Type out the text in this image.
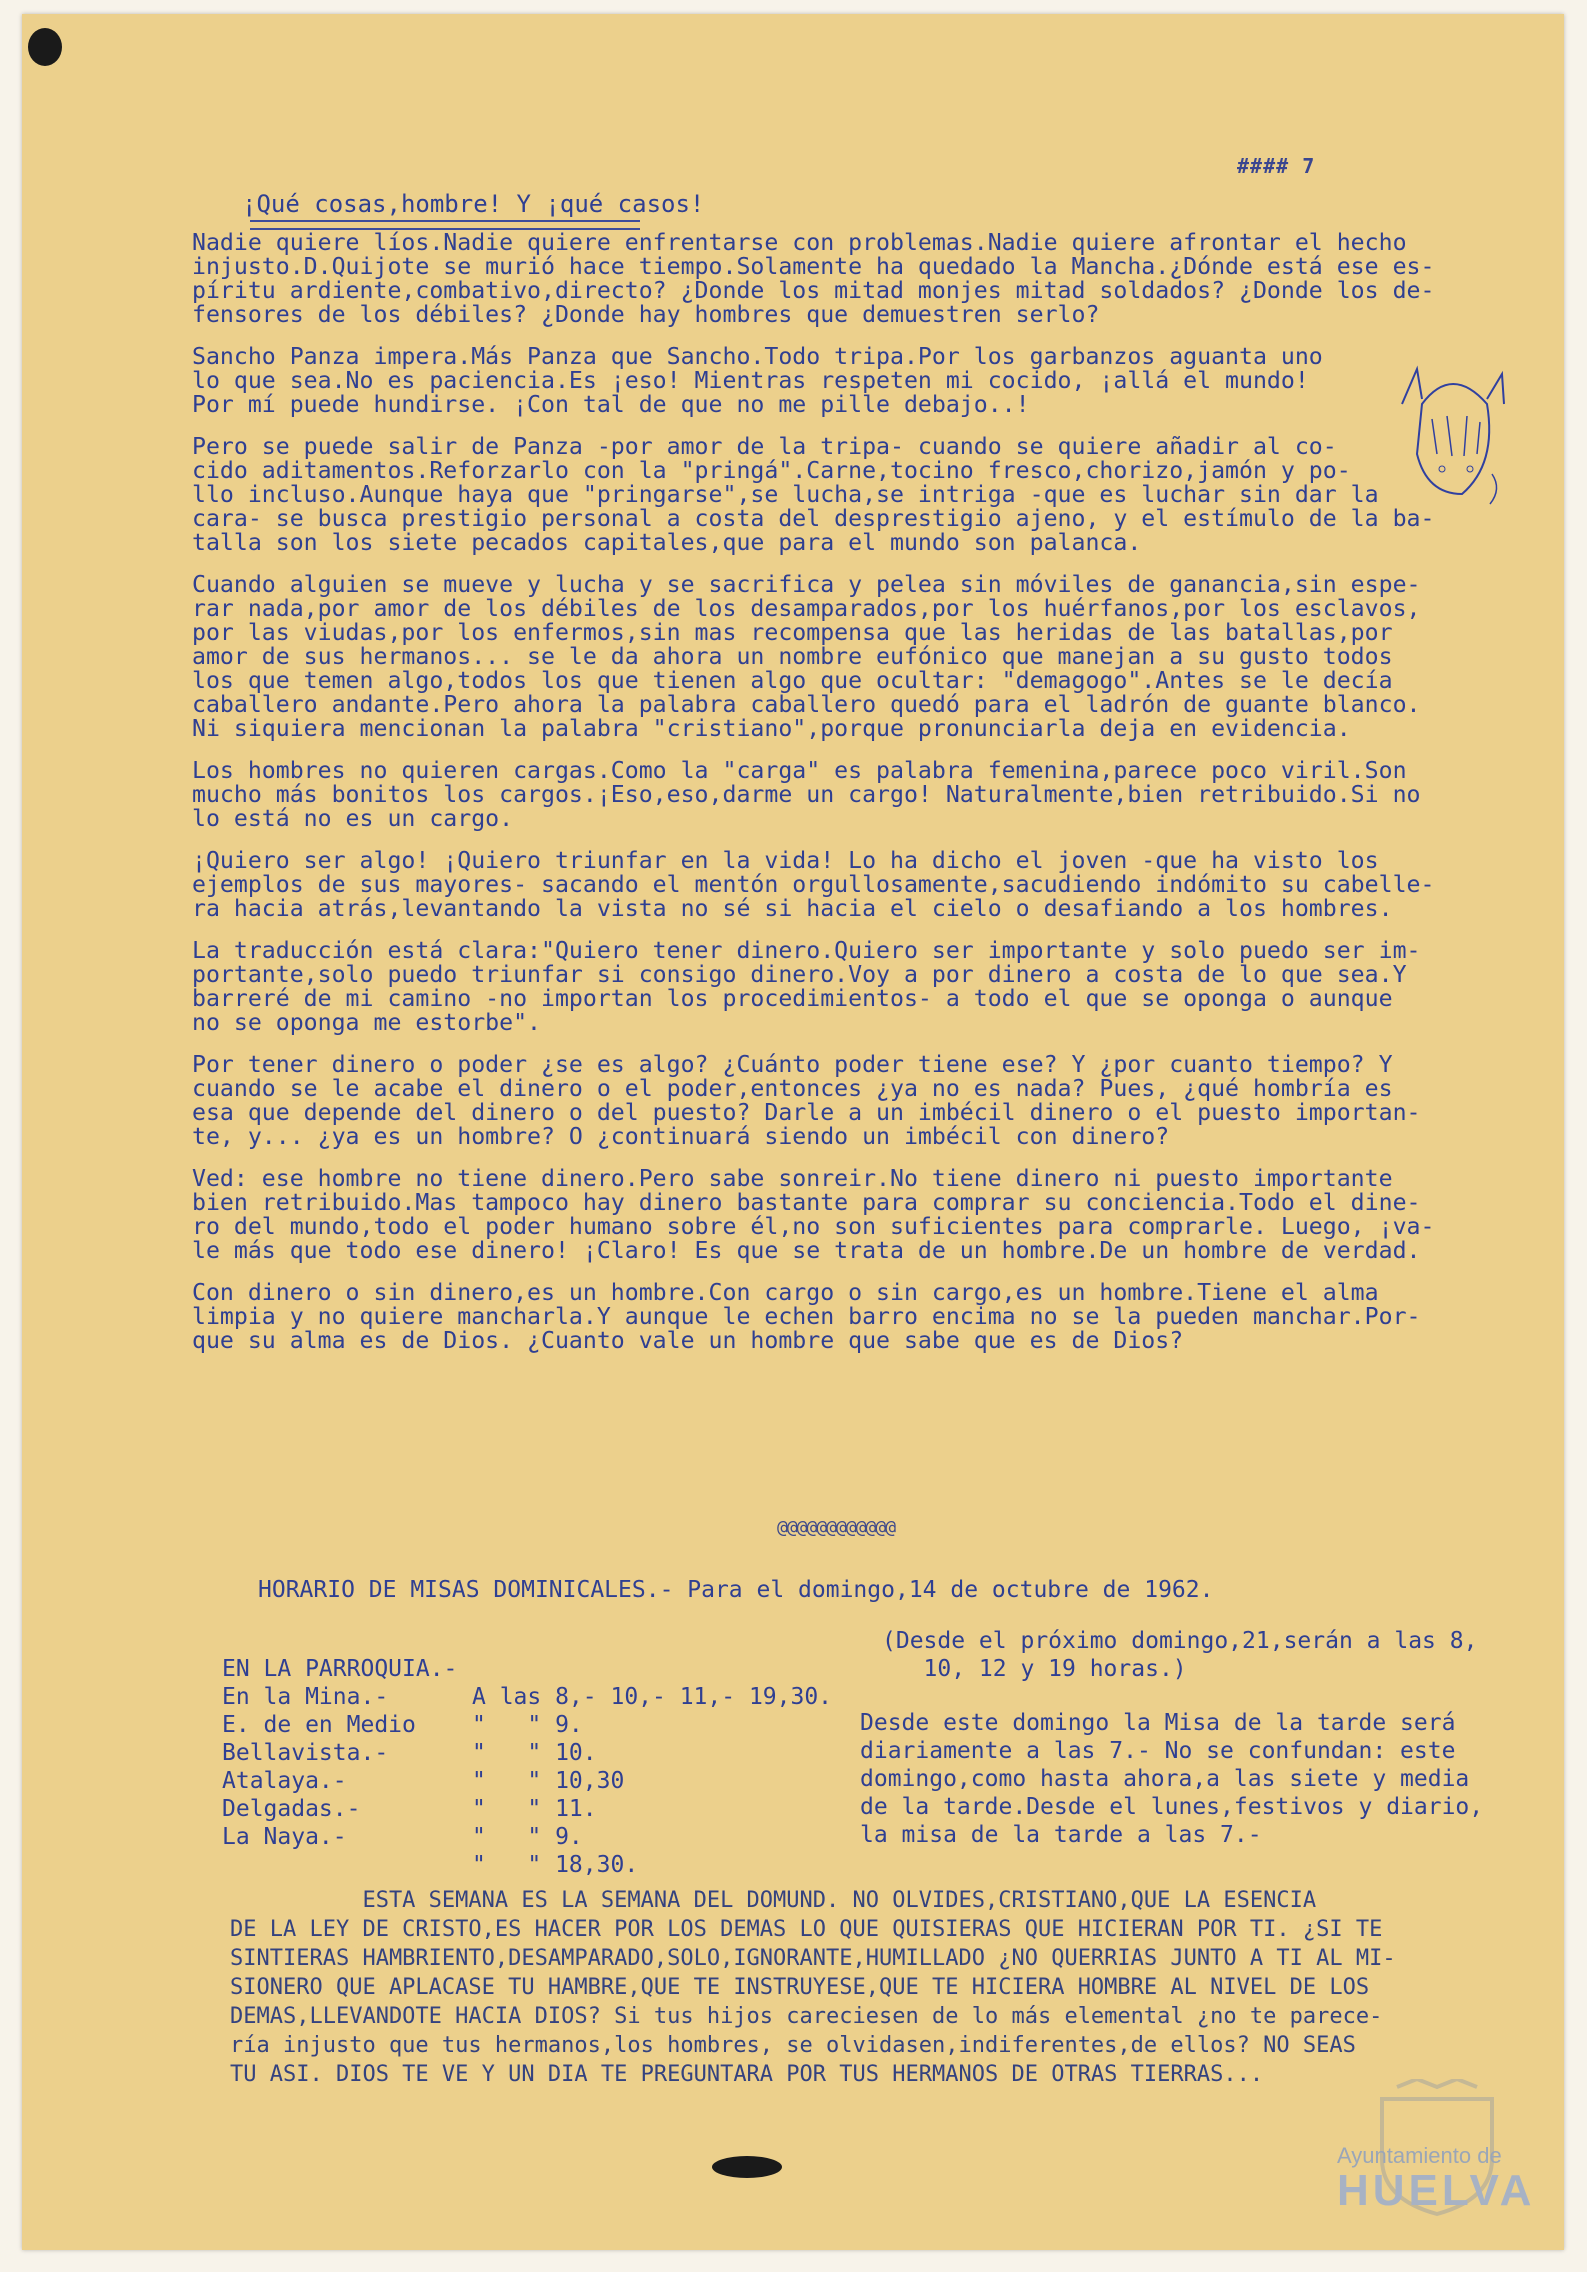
#### 7
¡Qué cosas,hombre! Y ¡qué casos!

Nadie quiere líos.Nadie quiere enfrentarse con problemas.Nadie quiere afrontar el hecho
injusto.D.Quijote se murió hace tiempo.Solamente ha quedado la Mancha.¿Dónde está ese es-
píritu ardiente,combativo,directo? ¿Donde los mitad monjes mitad soldados? ¿Donde los de-
fensores de los débiles? ¿Donde hay hombres que demuestren serlo?

Sancho Panza impera.Más Panza que Sancho.Todo tripa.Por los garbanzos aguanta uno
lo que sea.No es paciencia.Es ¡eso! Mientras respeten mi cocido, ¡allá el mundo!
Por mí puede hundirse. ¡Con tal de que no me pille debajo..!

Pero se puede salir de Panza -por amor de la tripa- cuando se quiere añadir al co-
cido aditamentos.Reforzarlo con la "pringá".Carne,tocino fresco,chorizo,jamón y po-
llo incluso.Aunque haya que "pringarse",se lucha,se intriga -que es luchar sin dar la
cara- se busca prestigio personal a costa del desprestigio ajeno, y el estímulo de la ba-
talla son los siete pecados capitales,que para el mundo son palanca.

Cuando alguien se mueve y lucha y se sacrifica y pelea sin móviles de ganancia,sin espe-
rar nada,por amor de los débiles de los desamparados,por los huérfanos,por los esclavos,
por las viudas,por los enfermos,sin mas recompensa que las heridas de las batallas,por
amor de sus hermanos... se le da ahora un nombre eufónico que manejan a su gusto todos
los que temen algo,todos los que tienen algo que ocultar: "demagogo".Antes se le decía
caballero andante.Pero ahora la palabra caballero quedó para el ladrón de guante blanco.
Ni siquiera mencionan la palabra "cristiano",porque pronunciarla deja en evidencia.

Los hombres no quieren cargas.Como la "carga" es palabra femenina,parece poco viril.Son
mucho más bonitos los cargos.¡Eso,eso,darme un cargo! Naturalmente,bien retribuido.Si no
lo está no es un cargo.

¡Quiero ser algo! ¡Quiero triunfar en la vida! Lo ha dicho el joven -que ha visto los
ejemplos de sus mayores- sacando el mentón orgullosamente,sacudiendo indómito su cabelle-
ra hacia atrás,levantando la vista no sé si hacia el cielo o desafiando a los hombres.

La traducción está clara:"Quiero tener dinero.Quiero ser importante y solo puedo ser im-
portante,solo puedo triunfar si consigo dinero.Voy a por dinero a costa de lo que sea.Y
barreré de mi camino -no importan los procedimientos- a todo el que se oponga o aunque
no se oponga me estorbe".

Por tener dinero o poder ¿se es algo? ¿Cuánto poder tiene ese? Y ¿por cuanto tiempo? Y
cuando se le acabe el dinero o el poder,entonces ¿ya no es nada? Pues, ¿qué hombría es
esa que depende del dinero o del puesto? Darle a un imbécil dinero o el puesto importan-
te, y... ¿ya es un hombre? O ¿continuará siendo un imbécil con dinero?

Ved: ese hombre no tiene dinero.Pero sabe sonreir.No tiene dinero ni puesto importante
bien retribuido.Mas tampoco hay dinero bastante para comprar su conciencia.Todo el dine-
ro del mundo,todo el poder humano sobre él,no son suficientes para comprarle. Luego, ¡va-
le más que todo ese dinero! ¡Claro! Es que se trata de un hombre.De un hombre de verdad.

Con dinero o sin dinero,es un hombre.Con cargo o sin cargo,es un hombre.Tiene el alma
limpia y no quiere mancharla.Y aunque le echen barro encima no se la pueden manchar.Por-
que su alma es de Dios. ¿Cuanto vale un hombre que sabe que es de Dios?

@@@@@@@@@@@@
HORARIO DE MISAS DOMINICALES.- Para el domingo,14 de octubre de 1962.

EN LA PARROQUIA.-

A las 8,- 10,- 11,- 19,30.

En la Mina.-

"   " 9.

E. de en Medio

"   " 10.

Bellavista.-

"   " 10,30

Atalaya.-

"   " 11.

Delgadas.-

"   " 9.

La Naya.-

"   " 18,30.

(Desde el próximo domingo,21,serán a las 8,
10, 12 y 19 horas.)
Desde este domingo la Misa de la tarde será
diariamente a las 7.- No se confundan: este
domingo,como hasta ahora,a las siete y media
de la tarde.Desde el lunes,festivos y diario,
la misa de la tarde a las 7.-
ESTA SEMANA ES LA SEMANA DEL DOMUND. NO OLVIDES,CRISTIANO,QUE LA ESENCIA
DE LA LEY DE CRISTO,ES HACER POR LOS DEMAS LO QUE QUISIERAS QUE HICIERAN POR TI. ¿SI TE
SINTIERAS HAMBRIENTO,DESAMPARADO,SOLO,IGNORANTE,HUMILLADO ¿NO QUERRIAS JUNTO A TI AL MI-
SIONERO QUE APLACASE TU HAMBRE,QUE TE INSTRUYESE,QUE TE HICIERA HOMBRE AL NIVEL DE LOS
DEMAS,LLEVANDOTE HACIA DIOS? Si tus hijos careciesen de lo más elemental ¿no te parece-
ría injusto que tus hermanos,los hombres, se olvidasen,indiferentes,de ellos? NO SEAS
TU ASI. DIOS TE VE Y UN DIA TE PREGUNTARA POR TUS HERMANOS DE OTRAS TIERRAS...
Ayuntamiento de
HUELVA
